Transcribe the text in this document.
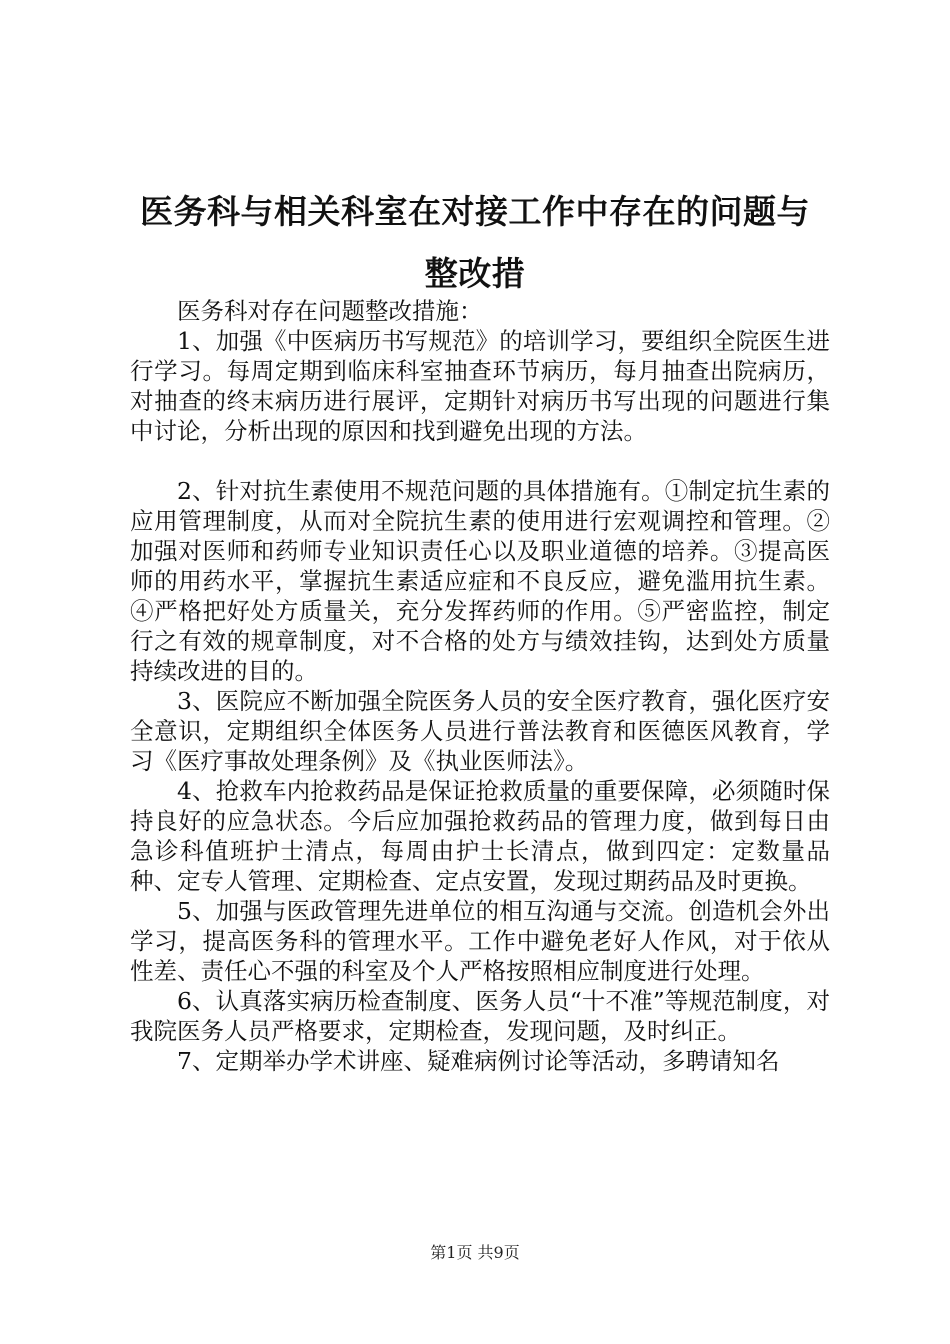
医务科与相关科室在对接工作中存在的问题与
整改措

医务科对存在问题整改措施：

1、加强《中医病历书写规范》的培训学习，要组织全院医生进行学习。每周定期到临床科室抽查环节病历，每月抽查出院病历，对抽查的终末病历进行展评，定期针对病历书写出现的问题进行集中讨论，分析出现的原因和找到避免出现的方法。

2、针对抗生素使用不规范问题的具体措施有。①制定抗生素的应用管理制度，从而对全院抗生素的使用进行宏观调控和管理。②加强对医师和药师专业知识责任心以及职业道德的培养。③提高医师的用药水平，掌握抗生素适应症和不良反应，避免滥用抗生素。④严格把好处方质量关，充分发挥药师的作用。⑤严密监控，制定行之有效的规章制度，对不合格的处方与绩效挂钩，达到处方质量持续改进的目的。

3、医院应不断加强全院医务人员的安全医疗教育，强化医疗安全意识，定期组织全体医务人员进行普法教育和医德医风教育，学习《医疗事故处理条例》及《执业医师法》。

4、抢救车内抢救药品是保证抢救质量的重要保障，必须随时保持良好的应急状态。今后应加强抢救药品的管理力度，做到每日由急诊科值班护士清点，每周由护士长清点，做到四定：定数量品种、定专人管理、定期检查、定点安置，发现过期药品及时更换。

5、加强与医政管理先进单位的相互沟通与交流。创造机会外出学习，提高医务科的管理水平。工作中避免老好人作风，对于依从性差、责任心不强的科室及个人严格按照相应制度进行处理。

6、认真落实病历检查制度、医务人员“十不准”等规范制度，对我院医务人员严格要求，定期检查，发现问题，及时纠正。

7、定期举办学术讲座、疑难病例讨论等活动，多聘请知名

第1页 共9页
